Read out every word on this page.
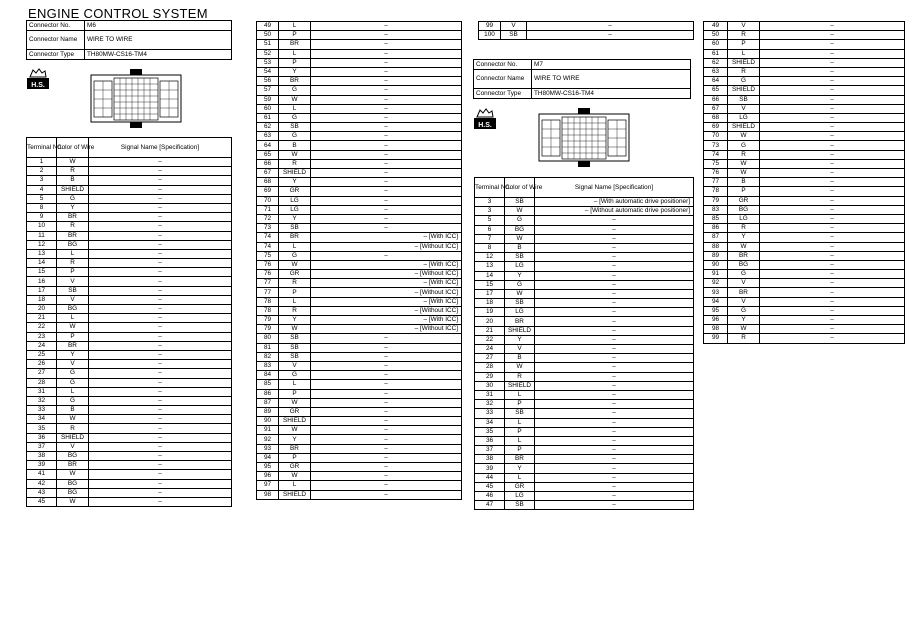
ENGINE CONTROL SYSTEM
Connector No.	M6
Connector Name	WIRE TO WIRE
Connector Type	TH80MW-CS16-TM4
H.S.
Terminal No.	Color of Wire	Signal Name [Specification]
1	W	–
2	R	–
3	B	–
4	SHIELD	–
5	G	–
8	Y	–
9	BR	–
10	R	–
11	BR	–
12	BG	–
13	L	–
14	R	–
15	P	–
16	V	–
17	SB	–
18	V	–
20	BG	–
21	L	–
22	W	–
23	P	–
24	BR	–
25	Y	–
26	V	–
27	G	–
28	G	–
31	L	–
32	G	–
33	B	–
34	W	–
35	R	–
36	SHIELD	–
37	V	–
38	BG	–
39	BR	–
41	W	–
42	BG	–
43	BG	–
45	W	–
49	L	–
50	P	–
51	BR	–
52	L	–
53	P	–
54	Y	–
56	BR	–
57	G	–
59	W	–
60	L	–
61	G	–
62	SB	–
63	G	–
64	B	–
65	W	–
66	R	–
67	SHIELD	–
68	Y	–
69	GR	–
70	LG	–
71	LG	–
72	Y	–
73	SB	–
74	BR	– [With ICC]
74	L	– [Without ICC]
75	G	–
76	W	– [With ICC]
76	GR	– [Without ICC]
77	R	– [With ICC]
77	P	– [Without ICC]
78	L	– [With ICC]
78	R	– [Without ICC]
79	Y	– [With ICC]
79	W	– [Without ICC]
80	SB	–
81	SB	–
82	SB	–
83	V	–
84	G	–
85	L	–
86	P	–
87	W	–
89	GR	–
90	SHIELD	–
91	W	–
92	Y	–
93	BR	–
94	P	–
95	GR	–
96	W	–
97	L	–
98	SHIELD	–
99	V	–
100	SB	–
Connector No.	M7
Connector Name	WIRE TO WIRE
Connector Type	TH80MW-CS16-TM4
H.S.
Terminal No.	Color of Wire	Signal Name [Specification]
3	SB	– [With automatic drive positioner]
3	W	– [Without automatic drive positioner]
5	G	–
6	BG	–
7	W	–
8	B	–
12	SB	–
13	LG	–
14	Y	–
15	G	–
17	W	–
18	SB	–
19	LG	–
20	BR	–
21	SHIELD	–
22	Y	–
24	V	–
27	B	–
28	W	–
29	R	–
30	SHIELD	–
31	L	–
32	P	–
33	SB	–
34	L	–
35	P	–
36	L	–
37	P	–
38	BR	–
39	Y	–
44	L	–
45	GR	–
46	LG	–
47	SB	–
49	V	–
50	R	–
60	P	–
61	L	–
62	SHIELD	–
63	R	–
64	G	–
65	SHIELD	–
66	SB	–
67	V	–
68	LG	–
69	SHIELD	–
70	W	–
73	G	–
74	R	–
75	W	–
76	W	–
77	B	–
78	P	–
79	GR	–
83	BG	–
85	LG	–
86	R	–
87	Y	–
88	W	–
89	BR	–
90	BG	–
91	G	–
92	V	–
93	BR	–
94	V	–
95	G	–
96	Y	–
98	W	–
99	R	–
